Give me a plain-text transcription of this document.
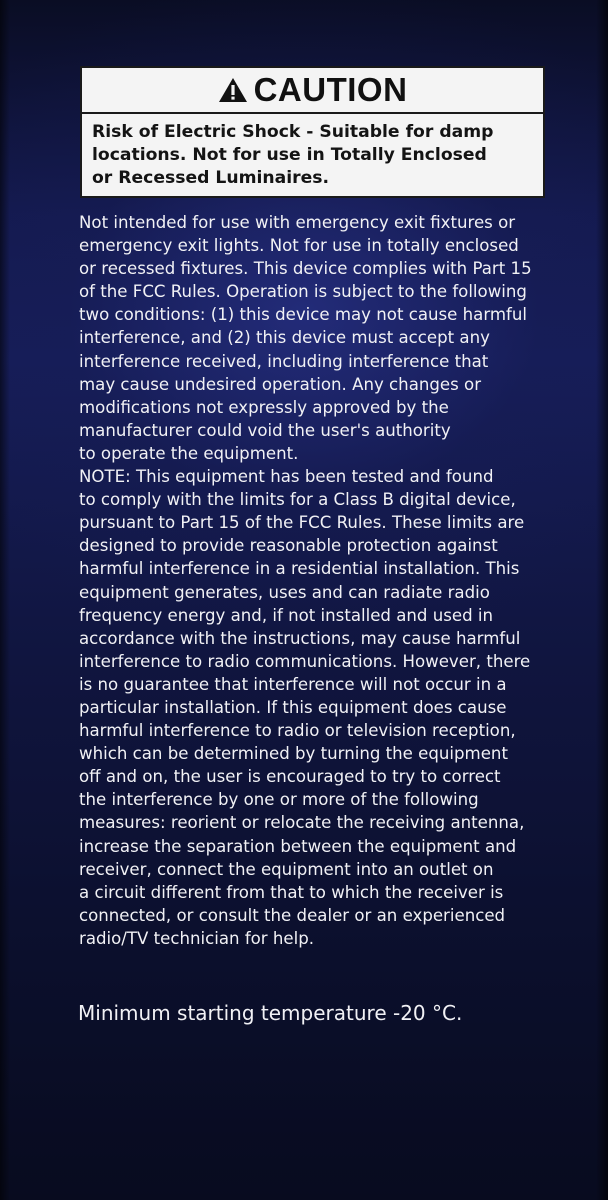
CAUTION
Risk of Electric Shock - Suitable for damp
locations. Not for use in Totally Enclosed
or Recessed Luminaires.
Not intended for use with emergency exit fixtures or
emergency exit lights. Not for use in totally enclosed
or recessed fixtures. This device complies with Part 15
of the FCC Rules. Operation is subject to the following
two conditions: (1) this device may not cause harmful
interference, and (2) this device must accept any
interference received, including interference that
may cause undesired operation. Any changes or
modifications not expressly approved by the
manufacturer could void the user's authority
to operate the equipment.
NOTE: This equipment has been tested and found
to comply with the limits for a Class B digital device,
pursuant to Part 15 of the FCC Rules. These limits are
designed to provide reasonable protection against
harmful interference in a residential installation. This
equipment generates, uses and can radiate radio
frequency energy and, if not installed and used in
accordance with the instructions, may cause harmful
interference to radio communications. However, there
is no guarantee that interference will not occur in a
particular installation. If this equipment does cause
harmful interference to radio or television reception,
which can be determined by turning the equipment
off and on, the user is encouraged to try to correct
the interference by one or more of the following
measures: reorient or relocate the receiving antenna,
increase the separation between the equipment and
receiver, connect the equipment into an outlet on
a circuit different from that to which the receiver is
connected, or consult the dealer or an experienced
radio/TV technician for help.
Minimum starting temperature -20 °C.
